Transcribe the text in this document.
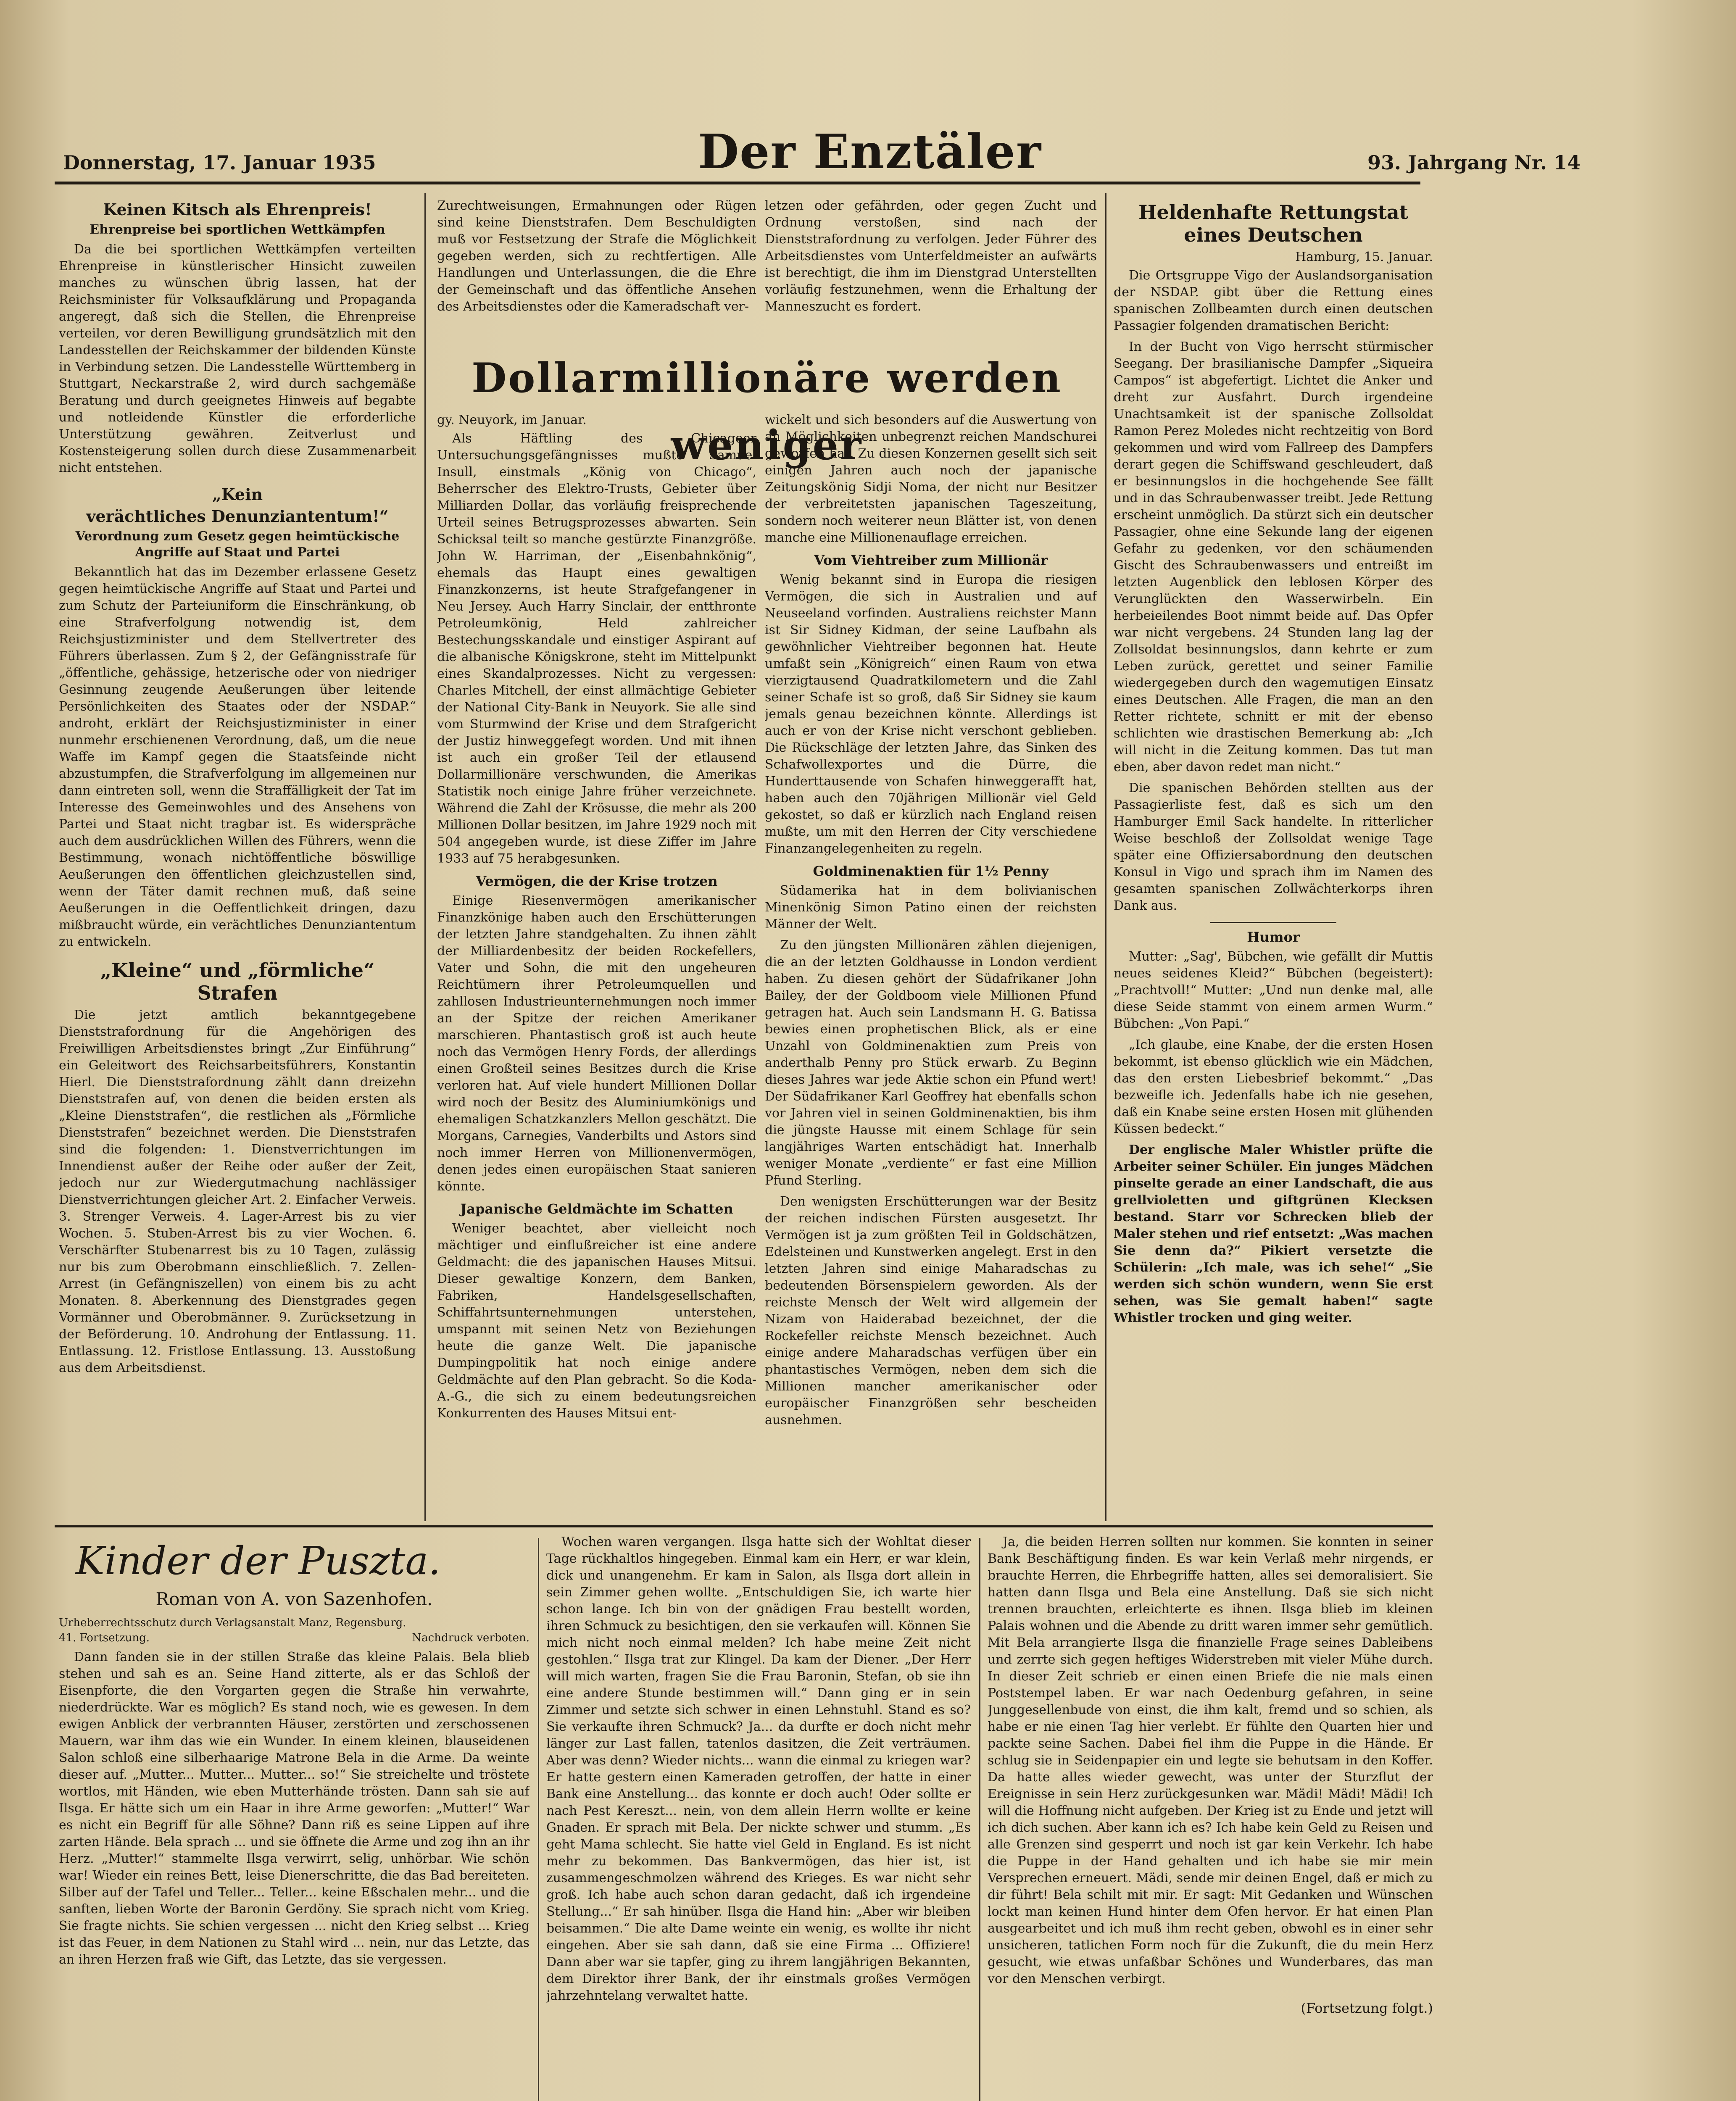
Donnerstag, 17. Januar 1935	Der Enztäler	93. Jahrgang Nr. 14
Keinen Kitsch als Ehrenpreis!
Ehrenpreise bei sportlichen Wettkämpfen

Da die bei sportlichen Wettkämpfen verteilten Ehrenpreise in künstlerischer Hinsicht zuweilen manches zu wünschen übrig lassen, hat der Reichsminister für Volksaufklärung und Propaganda angeregt, daß sich die Stellen, die Ehrenpreise verteilen, vor deren Bewilligung grundsätzlich mit den Landesstellen der Reichskammer der bildenden Künste in Verbindung setzen. Die Landesstelle Württemberg in Stuttgart, Neckarstraße 2, wird durch sachgemäße Beratung und durch geeignetes Hinweis auf begabte und notleidende Künstler die erforderliche Unterstützung gewähren. Zeitverlust und Kostensteigerung sollen durch diese Zusammenarbeit nicht entstehen.

„Kein
verächtliches Denunziantentum!“
Verordnung zum Gesetz gegen heimtückische Angriffe auf Staat und Partei

Bekanntlich hat das im Dezember erlassene Gesetz gegen heimtückische Angriffe auf Staat und Partei und zum Schutz der Parteiuniform die Einschränkung, ob eine Strafverfolgung notwendig ist, dem Reichsjustizminister und dem Stellvertreter des Führers überlassen. Zum § 2, der Gefängnisstrafe für „öffentliche, gehässige, hetzerische oder von niedriger Gesinnung zeugende Aeußerungen über leitende Persönlichkeiten des Staates oder der NSDAP.“ androht, erklärt der Reichsjustizminister in einer nunmehr erschienenen Verordnung, daß, um die neue Waffe im Kampf gegen die Staatsfeinde nicht abzustumpfen, die Strafverfolgung im allgemeinen nur dann eintreten soll, wenn die Straffälligkeit der Tat im Interesse des Gemeinwohles und des Ansehens von Partei und Staat nicht tragbar ist. Es widerspräche auch dem ausdrücklichen Willen des Führers, wenn die Bestimmung, wonach nichtöffentliche böswillige Aeußerungen den öffentlichen gleichzustellen sind, wenn der Täter damit rechnen muß, daß seine Aeußerungen in die Oeffentlichkeit dringen, dazu mißbraucht würde, ein verächtliches Denunziantentum zu entwickeln.

„Kleine“ und „förmliche“ Strafen

Die jetzt amtlich bekanntgegebene Dienststrafordnung für die Angehörigen des Freiwilligen Arbeitsdienstes bringt „Zur Einführung“ ein Geleitwort des Reichsarbeitsführers, Konstantin Hierl. Die Dienststrafordnung zählt dann dreizehn Dienststrafen auf, von denen die beiden ersten als „Kleine Dienststrafen“, die restlichen als „Förmliche Dienststrafen“ bezeichnet werden. Die Dienststrafen sind die folgenden: 1. Dienstverrichtungen im Innendienst außer der Reihe oder außer der Zeit, jedoch nur zur Wiedergutmachung nachlässiger Dienstverrichtungen gleicher Art. 2. Einfacher Verweis. 3. Strenger Verweis. 4. Lager-Arrest bis zu vier Wochen. 5. Stuben-Arrest bis zu vier Wochen. 6. Verschärfter Stubenarrest bis zu 10 Tagen, zulässig nur bis zum Oberobmann einschließlich. 7. Zellen-Arrest (in Gefängniszellen) von einem bis zu acht Monaten. 8. Aberkennung des Dienstgrades gegen Vormänner und Oberobmänner. 9. Zurücksetzung in der Beförderung. 10. Androhung der Entlassung. 11. Entlassung. 12. Fristlose Entlassung. 13. Ausstoßung aus dem Arbeitsdienst.

Zurechtweisungen, Ermahnungen oder Rügen sind keine Dienststrafen. Dem Beschuldigten muß vor Festsetzung der Strafe die Möglichkeit gegeben werden, sich zu rechtfertigen. Alle Handlungen und Unterlassungen, die die Ehre der Gemeinschaft und das öffentliche Ansehen des Arbeitsdienstes oder die Kameradschaft ver-

letzen oder gefährden, oder gegen Zucht und Ordnung verstoßen, sind nach der Dienststrafordnung zu verfolgen. Jeder Führer des Arbeitsdienstes vom Unterfeldmeister an aufwärts ist berechtigt, die ihm im Dienstgrad Unterstellten vorläufig festzunehmen, wenn die Erhaltung der Manneszucht es fordert.

Dollarmillionäre werden weniger
gy. Neuyork, im Januar.

Als Häftling des Chicagoer Untersuchungsgefängnisses mußte Samuel Insull, einstmals „König von Chicago“, Beherrscher des Elektro-Trusts, Gebieter über Milliarden Dollar, das vorläufig freisprechende Urteil seines Betrugsprozesses abwarten. Sein Schicksal teilt so manche gestürzte Finanzgröße. John W. Harriman, der „Eisenbahnkönig“, ehemals das Haupt eines gewaltigen Finanzkonzerns, ist heute Strafgefangener in Neu Jersey. Auch Harry Sinclair, der entthronte Petroleumkönig, Held zahlreicher Bestechungsskandale und einstiger Aspirant auf die albanische Königskrone, steht im Mittelpunkt eines Skandalprozesses. Nicht zu vergessen: Charles Mitchell, der einst allmächtige Gebieter der National City-Bank in Neuyork. Sie alle sind vom Sturmwind der Krise und dem Strafgericht der Justiz hinweggefegt worden. Und mit ihnen ist auch ein großer Teil der etlausend Dollarmillionäre verschwunden, die Amerikas Statistik noch einige Jahre früher verzeichnete. Während die Zahl der Krösusse, die mehr als 200 Millionen Dollar besitzen, im Jahre 1929 noch mit 504 angegeben wurde, ist diese Ziffer im Jahre 1933 auf 75 herabgesunken.

Vermögen, die der Krise trotzen

Einige Riesenvermögen amerikanischer Finanzkönige haben auch den Erschütterungen der letzten Jahre standgehalten. Zu ihnen zählt der Milliardenbesitz der beiden Rockefellers, Vater und Sohn, die mit den ungeheuren Reichtümern ihrer Petroleumquellen und zahllosen Industrieunternehmungen noch immer an der Spitze der reichen Amerikaner marschieren. Phantastisch groß ist auch heute noch das Vermögen Henry Fords, der allerdings einen Großteil seines Besitzes durch die Krise verloren hat. Auf viele hundert Millionen Dollar wird noch der Besitz des Aluminiumkönigs und ehemaligen Schatzkanzlers Mellon geschätzt. Die Morgans, Carnegies, Vanderbilts und Astors sind noch immer Herren von Millionenvermögen, denen jedes einen europäischen Staat sanieren könnte.

Japanische Geldmächte im Schatten

Weniger beachtet, aber vielleicht noch mächtiger und einflußreicher ist eine andere Geldmacht: die des japanischen Hauses Mitsui. Dieser gewaltige Konzern, dem Banken, Fabriken, Handelsgesellschaften, Schiffahrtsunternehmungen unterstehen, umspannt mit seinen Netz von Beziehungen heute die ganze Welt. Die japanische Dumpingpolitik hat noch einige andere Geldmächte auf den Plan gebracht. So die Koda-A.-G., die sich zu einem bedeutungsreichen Konkurrenten des Hauses Mitsui ent-

wickelt und sich besonders auf die Auswertung von an Möglichkeiten unbegrenzt reichen Mandschurei geworfen hat. Zu diesen Konzernen gesellt sich seit einigen Jahren auch noch der japanische Zeitungskönig Sidji Noma, der nicht nur Besitzer der verbreitetsten japanischen Tageszeitung, sondern noch weiterer neun Blätter ist, von denen manche eine Millionenauflage erreichen.

Vom Viehtreiber zum Millionär

Wenig bekannt sind in Europa die riesigen Vermögen, die sich in Australien und auf Neuseeland vorfinden. Australiens reichster Mann ist Sir Sidney Kidman, der seine Laufbahn als gewöhnlicher Viehtreiber begonnen hat. Heute umfaßt sein „Königreich“ einen Raum von etwa vierzigtausend Quadratkilometern und die Zahl seiner Schafe ist so groß, daß Sir Sidney sie kaum jemals genau bezeichnen könnte. Allerdings ist auch er von der Krise nicht verschont geblieben. Die Rückschläge der letzten Jahre, das Sinken des Schafwollexportes und die Dürre, die Hunderttausende von Schafen hinweggerafft hat, haben auch den 70jährigen Millionär viel Geld gekostet, so daß er kürzlich nach England reisen mußte, um mit den Herren der City verschiedene Finanzangelegenheiten zu regeln.

Goldminenaktien für 1½ Penny

Südamerika hat in dem bolivianischen Minenkönig Simon Patino einen der reichsten Männer der Welt.

Zu den jüngsten Millionären zählen diejenigen, die an der letzten Goldhausse in London verdient haben. Zu diesen gehört der Südafrikaner John Bailey, der der Goldboom viele Millionen Pfund getragen hat. Auch sein Landsmann H. G. Batissa bewies einen prophetischen Blick, als er eine Unzahl von Goldminenaktien zum Preis von anderthalb Penny pro Stück erwarb. Zu Beginn dieses Jahres war jede Aktie schon ein Pfund wert! Der Südafrikaner Karl Geoffrey hat ebenfalls schon vor Jahren viel in seinen Goldminenaktien, bis ihm die jüngste Hausse mit einem Schlage für sein langjähriges Warten entschädigt hat. Innerhalb weniger Monate „verdiente“ er fast eine Million Pfund Sterling.

Den wenigsten Erschütterungen war der Besitz der reichen indischen Fürsten ausgesetzt. Ihr Vermögen ist ja zum größten Teil in Goldschätzen, Edelsteinen und Kunstwerken angelegt. Erst in den letzten Jahren sind einige Maharadschas zu bedeutenden Börsenspielern geworden. Als der reichste Mensch der Welt wird allgemein der Nizam von Haiderabad bezeichnet, der die Rockefeller reichste Mensch bezeichnet. Auch einige andere Maharadschas verfügen über ein phantastisches Vermögen, neben dem sich die Millionen mancher amerikanischer oder europäischer Finanzgrößen sehr bescheiden ausnehmen.

Heldenhafte Rettungstat eines Deutschen
Hamburg, 15. Januar.

Die Ortsgruppe Vigo der Auslandsorganisation der NSDAP. gibt über die Rettung eines spanischen Zollbeamten durch einen deutschen Passagier folgenden dramatischen Bericht:

In der Bucht von Vigo herrscht stürmischer Seegang. Der brasilianische Dampfer „Siqueira Campos“ ist abgefertigt. Lichtet die Anker und dreht zur Ausfahrt. Durch irgendeine Unachtsamkeit ist der spanische Zollsoldat Ramon Perez Moledes nicht rechtzeitig von Bord gekommen und wird vom Fallreep des Dampfers derart gegen die Schiffswand geschleudert, daß er besinnungslos in die hochgehende See fällt und in das Schraubenwasser treibt. Jede Rettung erscheint unmöglich. Da stürzt sich ein deutscher Passagier, ohne eine Sekunde lang der eigenen Gefahr zu gedenken, vor den schäumenden Gischt des Schraubenwassers und entreißt im letzten Augenblick den leblosen Körper des Verunglückten den Wasserwirbeln. Ein herbeieilendes Boot nimmt beide auf. Das Opfer war nicht vergebens. 24 Stunden lang lag der Zollsoldat besinnungslos, dann kehrte er zum Leben zurück, gerettet und seiner Familie wiedergegeben durch den wagemutigen Einsatz eines Deutschen. Alle Fragen, die man an den Retter richtete, schnitt er mit der ebenso schlichten wie drastischen Bemerkung ab: „Ich will nicht in die Zeitung kommen. Das tut man eben, aber davon redet man nicht.“

Die spanischen Behörden stellten aus der Passagierliste fest, daß es sich um den Hamburger Emil Sack handelte. In ritterlicher Weise beschloß der Zollsoldat wenige Tage später eine Offiziersabordnung den deutschen Konsul in Vigo und sprach ihm im Namen des gesamten spanischen Zollwächterkorps ihren Dank aus.

Humor

Mutter: „Sag', Bübchen, wie gefällt dir Muttis neues seidenes Kleid?“ Bübchen (begeistert): „Prachtvoll!“ Mutter: „Und nun denke mal, alle diese Seide stammt von einem armen Wurm.“ Bübchen: „Von Papi.“

„Ich glaube, eine Knabe, der die ersten Hosen bekommt, ist ebenso glücklich wie ein Mädchen, das den ersten Liebesbrief bekommt.“ „Das bezweifle ich. Jedenfalls habe ich nie gesehen, daß ein Knabe seine ersten Hosen mit glühenden Küssen bedeckt.“

Der englische Maler Whistler prüfte die Arbeiter seiner Schüler. Ein junges Mädchen pinselte gerade an einer Landschaft, die aus grellvioletten und giftgrünen Klecksen bestand. Starr vor Schrecken blieb der Maler stehen und rief entsetzt: „Was machen Sie denn da?“ Pikiert versetzte die Schülerin: „Ich male, was ich sehe!“ „Sie werden sich schön wundern, wenn Sie erst sehen, was Sie gemalt haben!“ sagte Whistler trocken und ging weiter.

Kinder der Puszta.
Roman von A. von Sazenhofen.
Urheberrechtsschutz durch Verlagsanstalt Manz, Regensburg.
41. Fortsetzung.	Nachdruck verboten.

Dann fanden sie in der stillen Straße das kleine Palais. Bela blieb stehen und sah es an. Seine Hand zitterte, als er das Schloß der Eisenpforte, die den Vorgarten gegen die Straße hin verwahrte, niederdrückte. War es möglich? Es stand noch, wie es gewesen. In dem ewigen Anblick der verbrannten Häuser, zerstörten und zerschossenen Mauern, war ihm das wie ein Wunder. In einem kleinen, blauseidenen Salon schloß eine silberhaarige Matrone Bela in die Arme. Da weinte dieser auf. „Mutter... Mutter... Mutter... so!“ Sie streichelte und tröstete wortlos, mit Händen, wie eben Mutterhände trösten. Dann sah sie auf Ilsga. Er hätte sich um ein Haar in ihre Arme geworfen: „Mutter!“ War es nicht ein Begriff für alle Söhne? Dann riß es seine Lippen auf ihre zarten Hände. Bela sprach ... und sie öffnete die Arme und zog ihn an ihr Herz. „Mutter!“ stammelte Ilsga verwirrt, selig, unhörbar. Wie schön war! Wieder ein reines Bett, leise Dienerschritte, die das Bad bereiteten. Silber auf der Tafel und Teller... Teller... keine Eßschalen mehr... und die sanften, lieben Worte der Baronin Gerdöny. Sie sprach nicht vom Krieg. Sie fragte nichts. Sie schien vergessen ... nicht den Krieg selbst ... Krieg ist das Feuer, in dem Nationen zu Stahl wird ... nein, nur das Letzte, das an ihren Herzen fraß wie Gift, das Letzte, das sie vergessen.

Wochen waren vergangen. Ilsga hatte sich der Wohltat dieser Tage rückhaltlos hingegeben. Einmal kam ein Herr, er war klein, dick und unangenehm. Er kam in Salon, als Ilsga dort allein in sein Zimmer gehen wollte. „Entschuldigen Sie, ich warte hier schon lange. Ich bin von der gnädigen Frau bestellt worden, ihren Schmuck zu besichtigen, den sie verkaufen will. Können Sie mich nicht noch einmal melden? Ich habe meine Zeit nicht gestohlen.“ Ilsga trat zur Klingel. Da kam der Diener. „Der Herr will mich warten, fragen Sie die Frau Baronin, Stefan, ob sie ihn eine andere Stunde bestimmen will.“ Dann ging er in sein Zimmer und setzte sich schwer in einen Lehnstuhl. Stand es so? Sie verkaufte ihren Schmuck? Ja... da durfte er doch nicht mehr länger zur Last fallen, tatenlos dasitzen, die Zeit verträumen. Aber was denn? Wieder nichts... wann die einmal zu kriegen war? Er hatte gestern einen Kameraden getroffen, der hatte in einer Bank eine Anstellung... das konnte er doch auch! Oder sollte er nach Pest Kereszt... nein, von dem allein Herrn wollte er keine Gnaden. Er sprach mit Bela. Der nickte schwer und stumm. „Es geht Mama schlecht. Sie hatte viel Geld in England. Es ist nicht mehr zu bekommen. Das Bankvermögen, das hier ist, ist zusammengeschmolzen während des Krieges. Es war nicht sehr groß. Ich habe auch schon daran gedacht, daß ich irgendeine Stellung...“ Er sah hinüber. Ilsga die Hand hin: „Aber wir bleiben beisammen.“ Die alte Dame weinte ein wenig, es wollte ihr nicht eingehen. Aber sie sah dann, daß sie eine Firma ... Offiziere! Dann aber war sie tapfer, ging zu ihrem langjährigen Bekannten, dem Direktor ihrer Bank, der ihr einstmals großes Vermögen jahrzehntelang verwaltet hatte.

Ja, die beiden Herren sollten nur kommen. Sie konnten in seiner Bank Beschäftigung finden. Es war kein Verlaß mehr nirgends, er brauchte Herren, die Ehrbegriffe hatten, alles sei demoralisiert. Sie hatten dann Ilsga und Bela eine Anstellung. Daß sie sich nicht trennen brauchten, erleichterte es ihnen. Ilsga blieb im kleinen Palais wohnen und die Abende zu dritt waren immer sehr gemütlich. Mit Bela arrangierte Ilsga die finanzielle Frage seines Dableibens und zerrte sich gegen heftiges Widerstreben mit vieler Mühe durch. In dieser Zeit schrieb er einen einen Briefe die nie mals einen Poststempel laben. Er war nach Oedenburg gefahren, in seine Junggesellenbude von einst, die ihm kalt, fremd und so schien, als habe er nie einen Tag hier verlebt. Er fühlte den Quarten hier und packte seine Sachen. Dabei fiel ihm die Puppe in die Hände. Er schlug sie in Seidenpapier ein und legte sie behutsam in den Koffer. Da hatte alles wieder gewecht, was unter der Sturzflut der Ereignisse in sein Herz zurückgesunken war. Mädi! Mädi! Mädi! Ich will die Hoffnung nicht aufgeben. Der Krieg ist zu Ende und jetzt will ich dich suchen. Aber kann ich es? Ich habe kein Geld zu Reisen und alle Grenzen sind gesperrt und noch ist gar kein Verkehr. Ich habe die Puppe in der Hand gehalten und ich habe sie mir mein Versprechen erneuert. Mädi, sende mir deinen Engel, daß er mich zu dir führt! Bela schilt mit mir. Er sagt: Mit Gedanken und Wünschen lockt man keinen Hund hinter dem Ofen hervor. Er hat einen Plan ausgearbeitet und ich muß ihm recht geben, obwohl es in einer sehr unsicheren, tatlichen Form noch für die Zukunft, die du mein Herz gesucht, wie etwas unfaßbar Schönes und Wunderbares, das man vor den Menschen verbirgt.

(Fortsetzung folgt.)
